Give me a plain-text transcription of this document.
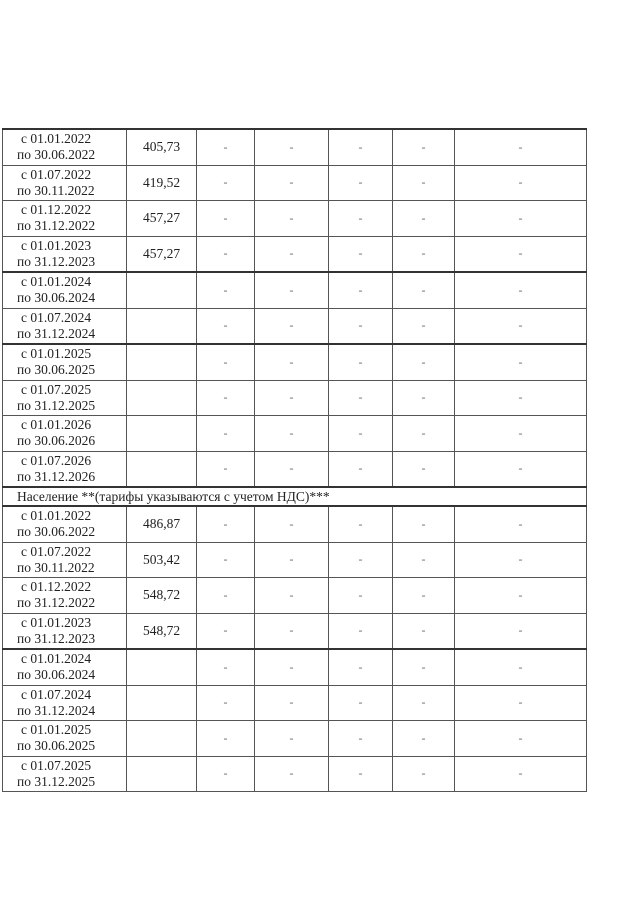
с 01.01.2022
по 30.06.2022	405,73	-	-	-	-	-

с 01.07.2022
по 30.11.2022	419,52	-	-	-	-	-

с 01.12.2022
по 31.12.2022	457,27	-	-	-	-	-

с 01.01.2023
по 31.12.2023	457,27	-	-	-	-	-

с 01.01.2024
по 30.06.2024		-	-	-	-	-

с 01.07.2024
по 31.12.2024		-	-	-	-	-

с 01.01.2025
по 30.06.2025		-	-	-	-	-

с 01.07.2025
по 31.12.2025		-	-	-	-	-

с 01.01.2026
по 30.06.2026		-	-	-	-	-

с 01.07.2026
по 31.12.2026		-	-	-	-	-
Население **(тарифы указываются с учетом НДС)***						

с 01.01.2022
по 30.06.2022	486,87	-	-	-	-	-

с 01.07.2022
по 30.11.2022	503,42	-	-	-	-	-

с 01.12.2022
по 31.12.2022	548,72	-	-	-	-	-

с 01.01.2023
по 31.12.2023	548,72	-	-	-	-	-

с 01.01.2024
по 30.06.2024		-	-	-	-	-

с 01.07.2024
по 31.12.2024		-	-	-	-	-

с 01.01.2025
по 30.06.2025		-	-	-	-	-

с 01.07.2025
по 31.12.2025		-	-	-	-	-
